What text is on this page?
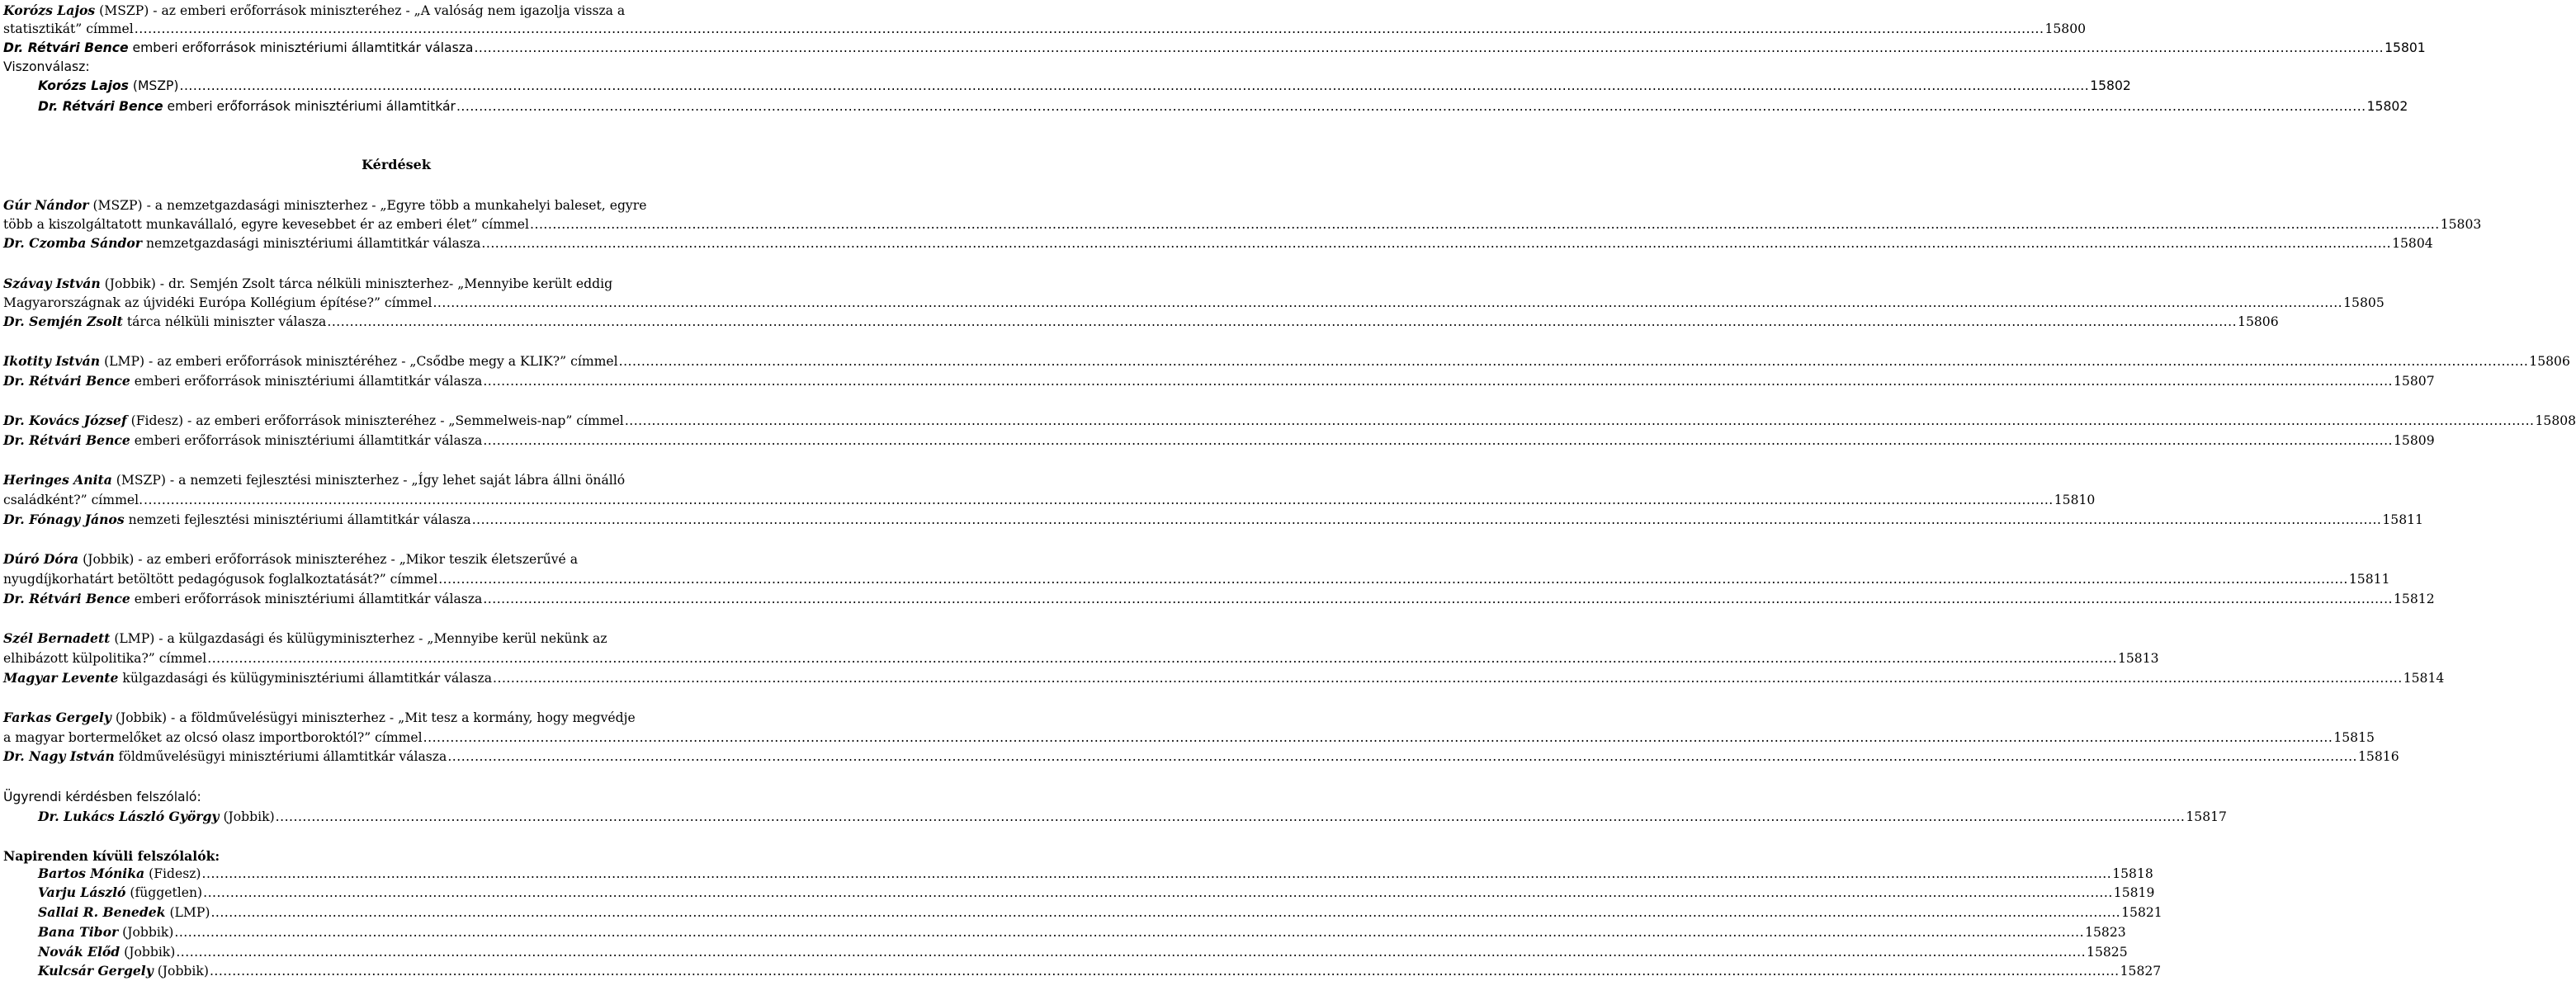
Korózs Lajos (MSZP) - az emberi erőforrások miniszteréhez - „A valóság nem igazolja vissza a
statisztikát” címmel .....	15800
Dr. Rétvári Bence emberi erőforrások minisztériumi államtitkár válasza .....	15801
Viszonválasz:
Korózs Lajos (MSZP) .....	15802
Dr. Rétvári Bence emberi erőforrások minisztériumi államtitkár .....	15802
Kérdések
Gúr Nándor (MSZP) - a nemzetgazdasági miniszterhez - „Egyre több a munkahelyi baleset, egyre
több a kiszolgáltatott munkavállaló, egyre kevesebbet ér az emberi élet” címmel .....	15803
Dr. Czomba Sándor nemzetgazdasági minisztériumi államtitkár válasza .....	15804
Szávay István (Jobbik) - dr. Semjén Zsolt tárca nélküli miniszterhez- „Mennyibe került eddig
Magyarországnak az újvidéki Európa Kollégium építése?” címmel .....	15805
Dr. Semjén Zsolt tárca nélküli miniszter válasza .....	15806
Ikotity István (LMP) - az emberi erőforrások minisztéréhez - „Csődbe megy a KLIK?” címmel .....	15806
Dr. Rétvári Bence emberi erőforrások minisztériumi államtitkár válasza .....	15807
Dr. Kovács József (Fidesz) - az emberi erőforrások miniszteréhez - „Semmelweis-nap” címmel .....	15808
Dr. Rétvári Bence emberi erőforrások minisztériumi államtitkár válasza .....	15809
Heringes Anita (MSZP) - a nemzeti fejlesztési miniszterhez - „Így lehet saját lábra állni önálló
családként?” címmel. .....	15810
Dr. Fónagy János nemzeti fejlesztési minisztériumi államtitkár válasza .....	15811
Dúró Dóra (Jobbik) - az emberi erőforrások miniszteréhez - „Mikor teszik életszerűvé a
nyugdíjkorhatárt betöltött pedagógusok foglalkoztatását?” címmel .....	15811
Dr. Rétvári Bence emberi erőforrások minisztériumi államtitkár válasza .....	15812
Szél Bernadett (LMP) - a külgazdasági és külügyminiszterhez - „Mennyibe kerül nekünk az
elhibázott külpolitika?” címmel .....	15813
Magyar Levente külgazdasági és külügyminisztériumi államtitkár válasza .....	15814
Farkas Gergely (Jobbik) - a földművelésügyi miniszterhez - „Mit tesz a kormány, hogy megvédje
a magyar bortermelőket az olcsó olasz importboroktól?” címmel .....	15815
Dr. Nagy István földművelésügyi minisztériumi államtitkár válasza .....	15816
Ügyrendi kérdésben felszólaló:
Dr. Lukács László György (Jobbik) .....	15817
Napirenden kívüli felszólalók:
Bartos Mónika (Fidesz) .....	15818
Varju László (független) .....	15819
Sallai R. Benedek (LMP) .....	15821
Bana Tibor (Jobbik) .....	15823
Novák Előd (Jobbik) .....	15825
Kulcsár Gergely (Jobbik) .....	15827
